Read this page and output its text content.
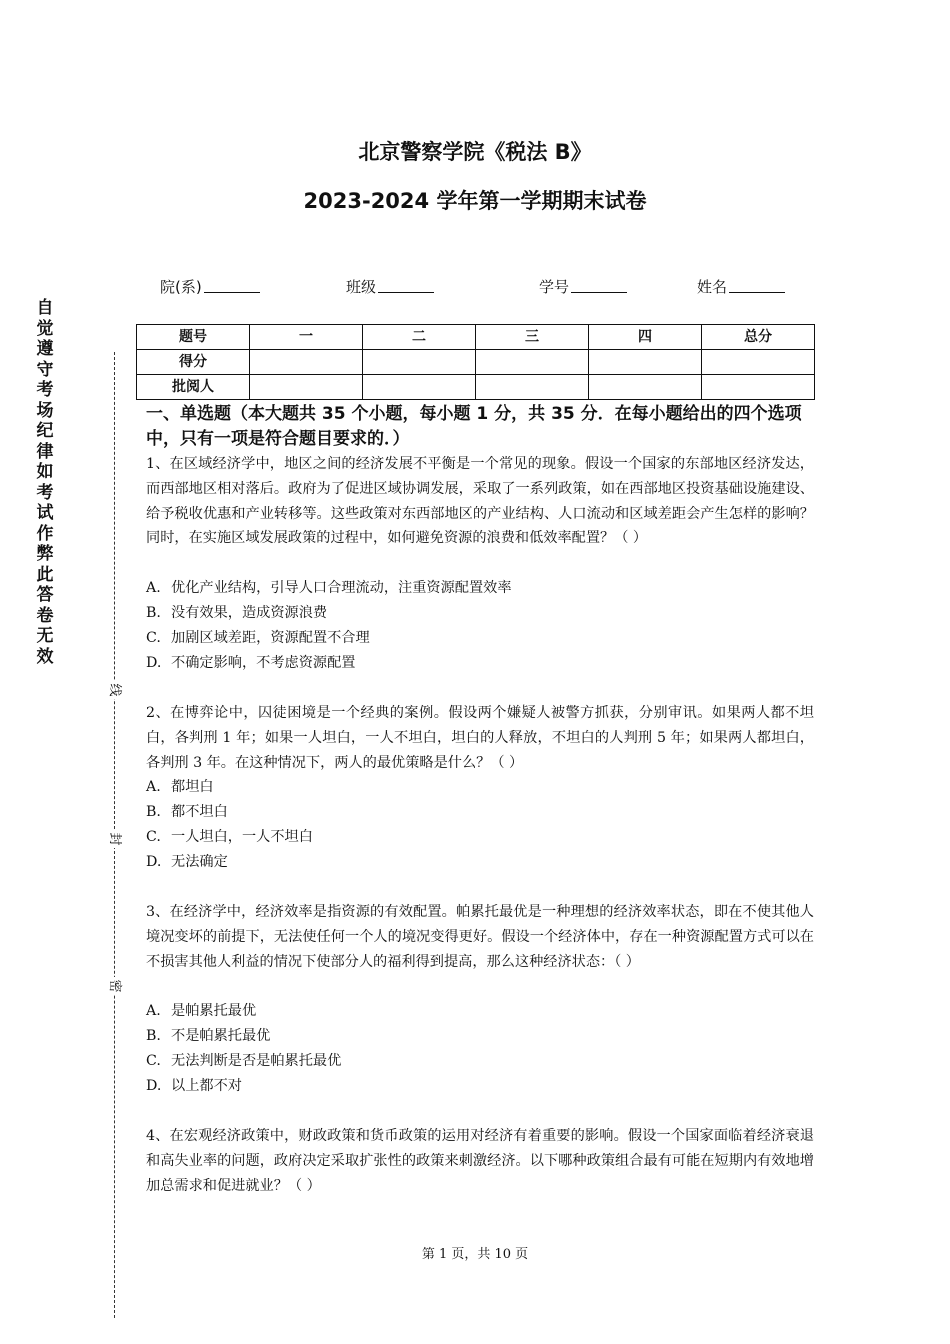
北京警察学院《税法 B》
2023-2024 学年第一学期期末试卷
院(系)	班级	学号	姓名
题号	一	二	三	四	总分
得分					
批阅人					
自觉遵守考场纪律如考试作弊此答卷无效
线
封
密
一、单选题（本大题共 35 个小题，每小题 1 分，共 35 分．在每小题给出的四个选项中，只有一项是符合题目要求的．）
1、在区域经济学中，地区之间的经济发展不平衡是一个常见的现象。假设一个国家的东部地区经济发达，而西部地区相对落后。政府为了促进区域协调发展，采取了一系列政策，如在西部地区投资基础设施建设、给予税收优惠和产业转移等。这些政策对东西部地区的产业结构、人口流动和区域差距会产生怎样的影响？同时，在实施区域发展政策的过程中，如何避免资源的浪费和低效率配置？（ ）
A. 优化产业结构，引导人口合理流动，注重资源配置效率
B. 没有效果，造成资源浪费
C. 加剧区域差距，资源配置不合理
D. 不确定影响，不考虑资源配置
2、在博弈论中，囚徒困境是一个经典的案例。假设两个嫌疑人被警方抓获，分别审讯。如果两人都不坦白，各判刑 1 年；如果一人坦白，一人不坦白，坦白的人释放，不坦白的人判刑 5 年；如果两人都坦白，各判刑 3 年。在这种情况下，两人的最优策略是什么？（ ）
A. 都坦白
B. 都不坦白
C. 一人坦白，一人不坦白
D. 无法确定
3、在经济学中，经济效率是指资源的有效配置。帕累托最优是一种理想的经济效率状态，即在不使其他人境况变坏的前提下，无法使任何一个人的境况变得更好。假设一个经济体中，存在一种资源配置方式可以在不损害其他人利益的情况下使部分人的福利得到提高，那么这种经济状态：（ ）
A. 是帕累托最优
B. 不是帕累托最优
C. 无法判断是否是帕累托最优
D. 以上都不对
4、在宏观经济政策中，财政政策和货币政策的运用对经济有着重要的影响。假设一个国家面临着经济衰退和高失业率的问题，政府决定采取扩张性的政策来刺激经济。以下哪种政策组合最有可能在短期内有效地增加总需求和促进就业？（ ）
第 1 页，共 10 页
